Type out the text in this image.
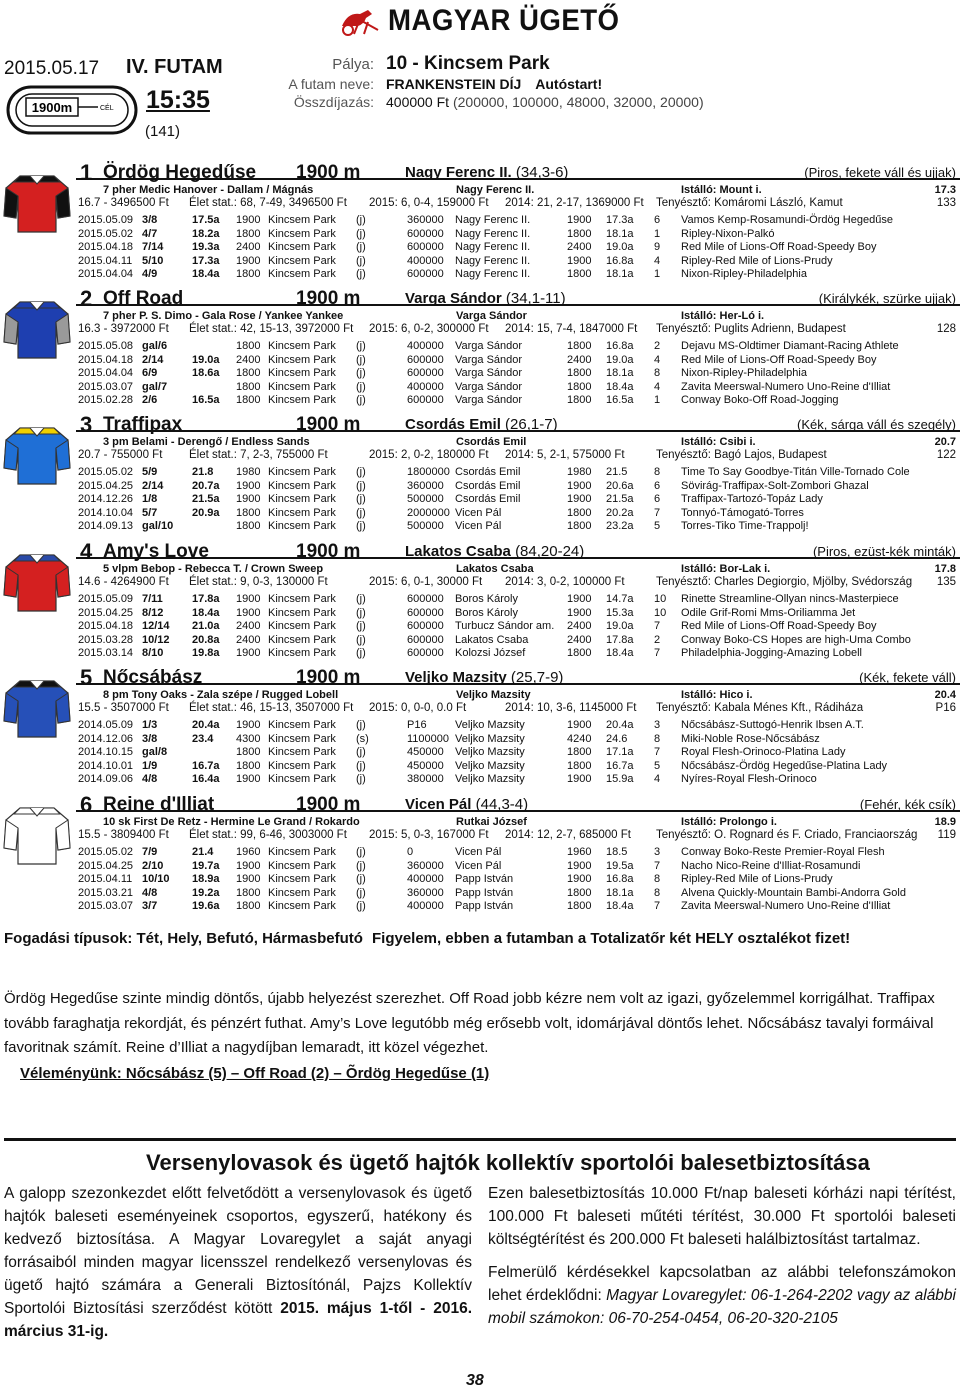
MAGYAR ÜGETŐ
2015.05.17 IV. FUTAM
15:35
(141)
1900m	CÉL
Pálya:
A futam neve:
Összdíjazás:
10 - Kincsem Park
FRANKENSTEIN DÍJ Autóstart!
400000 Ft (200000, 100000, 48000, 32000, 20000)
1 Ördög Hegedűse 1900 m	Nagy Ferenc II. (34,3-6)	(Piros, fekete váll és ujjak)
7 pher Medic Hanover - Dallam / Mágnás	Nagy Ferenc II.	Istálló: Mount i.	17.3
16.7 - 3496500 Ft Élet stat.: 68, 7-49, 3496500 Ft 2015: 6, 0-4, 159000 Ft 2014: 21, 2-17, 1369000 Ft Tenyésztő: Komáromi László, Kamut	133
2015.05.09 3/8	17.5a 1900 Kincsem Park (j)	360000 Nagy Ferenc II.	1900 17.3a 6 Vamos Kemp-Rosamundi-Ördög Hegedűse
2015.05.02 4/7	18.2a 1800 Kincsem Park (j)	600000 Nagy Ferenc II.	1800 18.1a 1 Ripley-Nixon-Palkó
2015.04.18 7/14	19.3a 2400 Kincsem Park (j)	600000 Nagy Ferenc II.	2400 19.0a 9 Red Mile of Lions-Off Road-Speedy Boy
2015.04.11 5/10	17.3a 1900 Kincsem Park (j)	400000 Nagy Ferenc II.	1900 16.8a 4 Ripley-Red Mile of Lions-Prudy
2015.04.04 4/9	18.4a 1800 Kincsem Park (j)	600000 Nagy Ferenc II.	1800 18.1a 1 Nixon-Ripley-Philadelphia
2 Off Road	1900 m	Varga Sándor (34,1-11)	(Királykék, szürke ujjak)
7 pher P. S. Dimo - Gala Rose / Yankee Yankee	Varga Sándor	Istálló: Her-Ló i.
16.3 - 3972000 Ft Élet stat.: 42, 15-13, 3972000 Ft 2015: 6, 0-2, 300000 Ft 2014: 15, 7-4, 1847000 Ft Tenyésztő: Puglits Adrienn, Budapest	128
2015.05.08 gal/6	1800 Kincsem Park (j)	400000 Varga Sándor	1800 16.8a 2 Dejavu MS-Oldtimer Diamant-Racing Athlete
2015.04.18 2/14	19.0a 2400 Kincsem Park (j)	600000 Varga Sándor	2400 19.0a 4 Red Mile of Lions-Off Road-Speedy Boy
2015.04.04 6/9	18.6a 1800 Kincsem Park (j)	600000 Varga Sándor	1800 18.1a 8 Nixon-Ripley-Philadelphia
2015.03.07 gal/7	1800 Kincsem Park (j)	400000 Varga Sándor	1800 18.4a 4 Zavita Meerswal-Numero Uno-Reine d'Illiat
2015.02.28 2/6	16.5a 1800 Kincsem Park (j)	600000 Varga Sándor	1800 16.5a 1 Conway Boko-Off Road-Jogging
3 Traffipax	1900 m	Csordás Emil (26,1-7)	(Kék, sárga váll és szegély)
3 pm Belami - Derengő / Endless Sands	Csordás Emil	Istálló: Csibi i.	20.7
20.7 - 755000 Ft Élet stat.: 7, 2-3, 755000 Ft	2015: 2, 0-2, 180000 Ft 2014: 5, 2-1, 575000 Ft	Tenyésztő: Bagó Lajos, Budapest	122
2015.05.02 5/9	21.8 1980 Kincsem Park (j)	1800000 Csordás Emil	1980 21.5 8 Time To Say Goodbye-Titán Ville-Tornado Cole
2015.04.25 2/14	20.7a 1900 Kincsem Park (j)	360000 Csordás Emil	1900 20.6a 6 Sövirág-Traffipax-Solt-Zombori Ghazal
2014.12.26 1/8	21.5a 1900 Kincsem Park (j)	500000 Csordás Emil	1900 21.5a 6 Traffipax-Tartozó-Topáz Lady
2014.10.04 5/7	20.9a 1800 Kincsem Park (j)	2000000 Vicen Pál	1800 20.2a 7 Tonnyó-Támogató-Torres
2014.09.13 gal/10	1800 Kincsem Park (j)	500000 Vicen Pál	1800 23.2a 5 Torres-Tiko Time-Trappolj!
4 Amy's Love	1900 m	Lakatos Csaba (84,20-24)	(Piros, ezüst-kék minták)
5 vlpm Bebop - Rebecca T. / Crown Sweep	Lakatos Csaba	Istálló: Bor-Lak i.	17.8
14.6 - 4264900 Ft Élet stat.: 9, 0-3, 130000 Ft	2015: 6, 0-1, 30000 Ft 2014: 3, 0-2, 100000 Ft	Tenyésztő: Charles Degiorgio, Mjölby, Svédország 135
2015.05.09 7/11	17.8a 1900 Kincsem Park (j)	600000 Boros Károly	1900 14.7a 10 Rinette Streamline-Ollyan nincs-Masterpiece
2015.04.25 8/12	18.4a 1900 Kincsem Park (j)	600000 Boros Károly	1900 15.3a 10 Odile Grif-Romi Mms-Oriliamma Jet
2015.04.18 12/14 21.0a 2400 Kincsem Park (j)	600000 Turbucz Sándor am. 2400 19.0a 7 Red Mile of Lions-Off Road-Speedy Boy
2015.03.28 10/12 20.8a 2400 Kincsem Park (j)	600000 Lakatos Csaba	2400 17.8a 2 Conway Boko-CS Hopes are high-Uma Combo
2015.03.14 8/10	19.8a 1900 Kincsem Park (j)	600000 Kolozsi József	1800 18.4a 7 Philadelphia-Jogging-Amazing Lobell
5 Nőcsábász	1900 m	Veljko Mazsity (25,7-9)	(Kék, fekete váll)
8 pm Tony Oaks - Zala szépe / Rugged Lobell	Veljko Mazsity	Istálló: Hico i.	20.4
15.5 - 3507000 Ft Élet stat.: 46, 15-13, 3507000 Ft 2015: 0, 0-0, 0.0 Ft	2014: 10, 3-6, 1145000 Ft Tenyésztő: Kabala Ménes Kft., Rádiháza	P16
2014.05.09 1/3	20.4a 1900 Kincsem Park (j)	P16	Veljko Mazsity	1900 20.4a 3 Nőcsábász-Suttogó-Henrik Ibsen A.T.
2014.12.06 3/8	23.4 4300 Kincsem Park (s)	1100000 Veljko Mazsity	4240 24.6 8 Miki-Noble Rose-Nőcsábász
2014.10.15 gal/8	1800 Kincsem Park (j)	450000 Veljko Mazsity	1800 17.1a 7 Royal Flesh-Orinoco-Platina Lady
2014.10.01 1/9	16.7a 1800 Kincsem Park (j)	450000 Veljko Mazsity	1800 16.7a 5 Nőcsábász-Ördög Hegedűse-Platina Lady
2014.09.06 4/8	16.4a 1900 Kincsem Park (j)	380000 Veljko Mazsity	1900 15.9a 4 Nyíres-Royal Flesh-Orinoco
6 Reine d'Illiat	1900 m	Vicen Pál (44,3-4)	(Fehér, kék csík)
10 sk First De Retz - Hermine Le Grand / Rokardo	Rutkai József	Istálló: Prolongo i.	18.9
15.5 - 3809400 Ft Élet stat.: 99, 6-46, 3003000 Ft 2015: 5, 0-3, 167000 Ft 2014: 12, 2-7, 685000 Ft Tenyésztő: O. Rognard és F. Criado, Franciaország 119
2015.05.02 7/9	21.4 1960 Kincsem Park (j)	0	Vicen Pál	1960 18.5 3 Conway Boko-Reste Premier-Royal Flesh
2015.04.25 2/10	19.7a 1900 Kincsem Park (j)	360000 Vicen Pál	1900 19.5a 7 Nacho Nico-Reine d'Illiat-Rosamundi
2015.04.11 10/10 18.9a 1900 Kincsem Park (j)	400000 Papp István	1900 16.8a 8 Ripley-Red Mile of Lions-Prudy
2015.03.21 4/8	19.2a 1800 Kincsem Park (j)	360000 Papp István	1800 18.1a 8 Alvena Quickly-Mountain Bambi-Andorra Gold
2015.03.07 3/7	19.6a 1800 Kincsem Park (j)	400000 Papp István	1800 18.4a 7 Zavita Meerswal-Numero Uno-Reine d'Illiat
Fogadási típusok: Tét, Hely, Befutó, Hármasbefutó Figyelem, ebben a futamban a Totalizatőr két HELY osztalékot fizet!
Ördög Hegedűse szinte mindig döntős, újabb helyezést szerezhet. Off Road jobb kézre nem volt az igazi, győzelemmel korrigálhat. Traffipax tovább faraghatja rekordját, és pénzért futhat. Amy’s Love legutóbb még erősebb volt, idomárjával döntős lehet. Nőcsábász tavalyi formáival favoritnak számít. Reine d’Illiat a nagydíjban lemaradt, itt közel végezhet.
Véleményünk: Nőcsábász (5) – Off Road (2) – Õrdög Hegedűse (1)
Versenylovasok és ügető hajtók kollektív sportolói balesetbiztosítása
A galopp szezonkezdet előtt felvetődött a versenylovasok és ügető hajtók baleseti eseményeinek csoportos, egyszerű, hatékony és kedvező biztosítása. A Magyar Lovaregylet a saját anyagi forrásaiból minden magyar licensszel rendelkező versenylovas és ügető hajtó számára a Generali Biztosítónál, Pajzs Kollektív Sportolói Biztosítási szerződést kötött 2015. május 1-től - 2016. március 31-ig.
Ezen balesetbiztosítás 10.000 Ft/nap baleseti kórházi napi térítést, 100.000 Ft baleseti műtéti térítést, 30.000 Ft sportolói baleseti költségtérítést és 200.000 Ft baleseti halálbiztosítást tartalmaz.
Felmerülő kérdésekkel kapcsolatban az alábbi telefonszámokon lehet érdeklődni: Magyar Lovaregylet: 06-1-264-2202 vagy az alábbi mobil számokon: 06-70-254-0454, 06-20-320-2105
38
